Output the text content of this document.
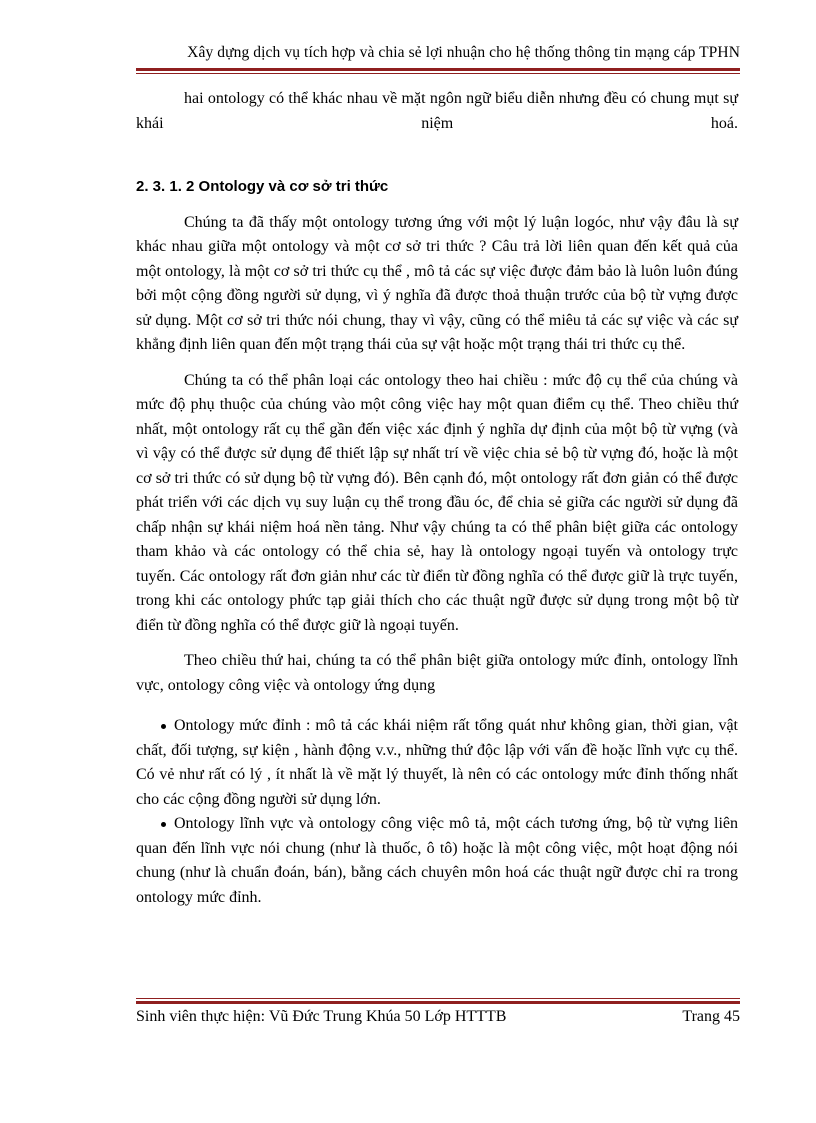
Xây dựng dịch vụ tích hợp và chia sẻ lợi nhuận cho hệ thống thông tin mạng cáp TPHN

hai ontology có thể khác nhau về mặt ngôn ngữ biểu diễn nhưng đều có chung mụt sự khái niệm hoá.

2. 3. 1. 2 Ontology và cơ sở tri thức

Chúng ta đã thấy một ontology tương ứng với một lý luận logóc, như vậy đâu là sự khác nhau giữa một ontology và một cơ sở tri thức ? Câu trả lời liên quan đến kết quả của một ontology, là một cơ sở tri thức cụ thể , mô tả các sự việc được đảm bảo là luôn luôn đúng bởi một cộng đồng người sử dụng, vì ý nghĩa đã được thoả thuận trước của bộ từ vựng được sử dụng. Một cơ sở tri thức nói chung, thay vì vậy, cũng có thể miêu tả các sự việc và các sự khẳng định liên quan đến một trạng thái của sự vật hoặc một trạng thái tri thức cụ thể.

Chúng ta có thể phân loại các ontology theo hai chiều : mức độ cụ thể của chúng và mức độ phụ thuộc của chúng vào một công việc hay một quan điểm cụ thể. Theo chiều thứ nhất, một ontology rất cụ thể gần đến việc xác định ý nghĩa dự định của một bộ từ vựng (và vì vậy có thể được sử dụng để thiết lập sự nhất trí về việc chia sẻ bộ từ vựng đó, hoặc là một cơ sở tri thức có sử dụng bộ từ vựng đó). Bên cạnh đó, một ontology rất đơn giản có thể được phát triển với các dịch vụ suy luận cụ thể trong đầu óc, để chia sẻ giữa các người sử dụng đã chấp nhận sự khái niệm hoá nền tảng. Như vậy chúng ta có thể phân biệt giữa các ontology tham khảo và các ontology có thể chia sẻ, hay là ontology ngoại tuyến và ontology trực tuyến. Các ontology rất đơn giản như các từ điển từ đồng nghĩa có thể được giữ là trực tuyến, trong khi các ontology phức tạp giải thích cho các thuật ngữ được sử dụng trong một bộ từ điển từ đồng nghĩa có thể được giữ là ngoại tuyến.

Theo chiều thứ hai, chúng ta có thể phân biệt giữa ontology mức đỉnh, ontology lĩnh vực, ontology công việc và ontology ứng dụng

Ontology mức đỉnh : mô tả các khái niệm rất tổng quát như không gian, thời gian, vật chất, đối tượng, sự kiện , hành động v.v., những thứ độc lập với vấn đề hoặc lĩnh vực cụ thể. Có vẻ như rất có lý , ít nhất là về mặt lý thuyết, là nên có các ontology mức đỉnh thống nhất cho các cộng đồng người sử dụng lớn.
Ontology lĩnh vực và ontology công việc mô tả, một cách tương ứng, bộ từ vựng liên quan đến lĩnh vực nói chung (như là thuốc, ô tô) hoặc là một công việc, một hoạt động nói chung (như là chuẩn đoán, bán), bằng cách chuyên môn hoá các thuật ngữ được chỉ ra trong ontology mức đỉnh.
Sinh viên thực hiện: Vũ Đức Trung Khúa 50 Lớp HTTTB	Trang 45
